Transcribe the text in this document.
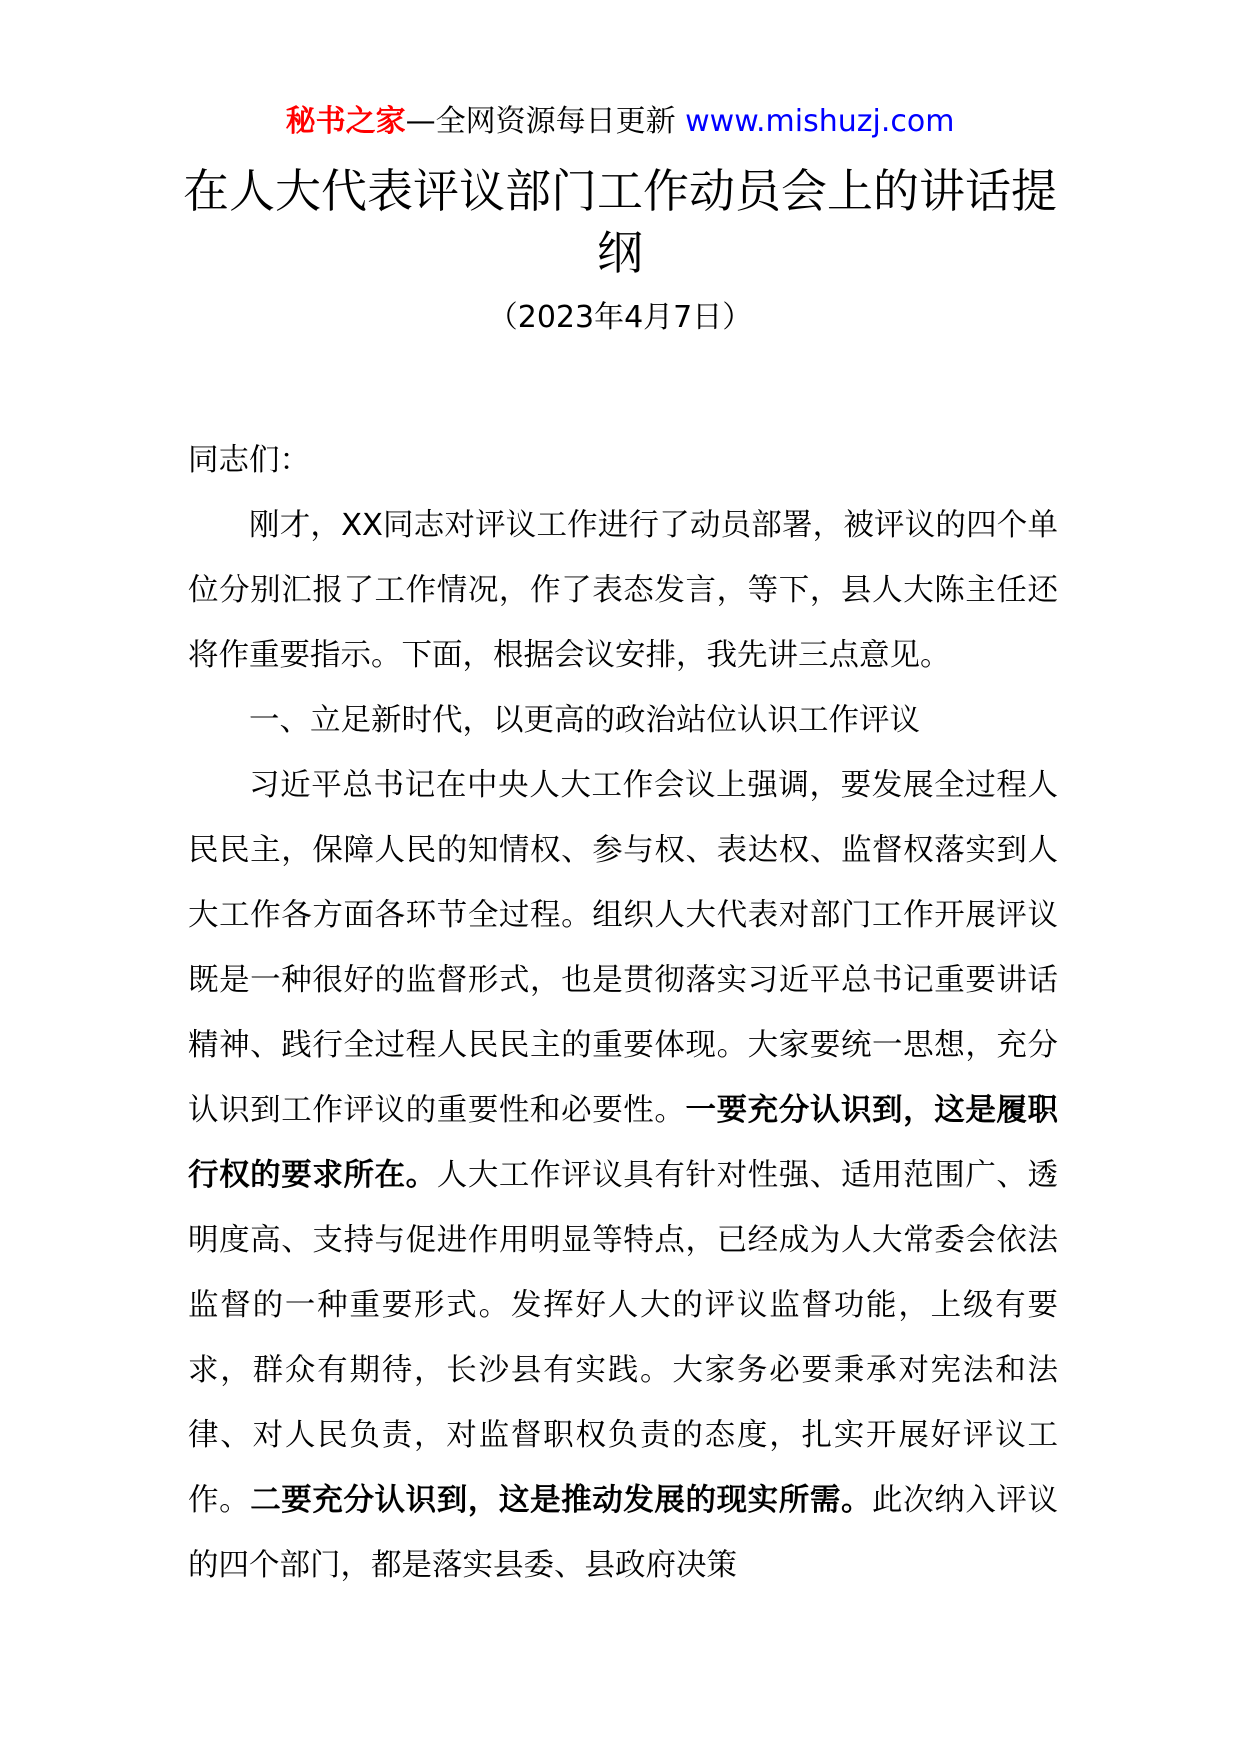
秘书之家—全网资源每日更新 www.mishuzj.com
在人大代表评议部门工作动员会上的讲话提纲
（2023年4月7日）

同志们：

刚才，XX同志对评议工作进行了动员部署，被评议的四个单位分别汇报了工作情况，作了表态发言，等下，县人大陈主任还将作重要指示。下面，根据会议安排，我先讲三点意见。

一、立足新时代，以更高的政治站位认识工作评议

习近平总书记在中央人大工作会议上强调，要发展全过程人民民主，保障人民的知情权、参与权、表达权、监督权落实到人大工作各方面各环节全过程。组织人大代表对部门工作开展评议既是一种很好的监督形式，也是贯彻落实习近平总书记重要讲话精神、践行全过程人民民主的重要体现。大家要统一思想，充分认识到工作评议的重要性和必要性。一要充分认识到，这是履职行权的要求所在。人大工作评议具有针对性强、适用范围广、透明度高、支持与促进作用明显等特点，已经成为人大常委会依法监督的一种重要形式。发挥好人大的评议监督功能，上级有要求，群众有期待，长沙县有实践。大家务必要秉承对宪法和法律、对人民负责，对监督职权负责的态度，扎实开展好评议工作。二要充分认识到，这是推动发展的现实所需。此次纳入评议的四个部门，都是落实县委、县政府决策
